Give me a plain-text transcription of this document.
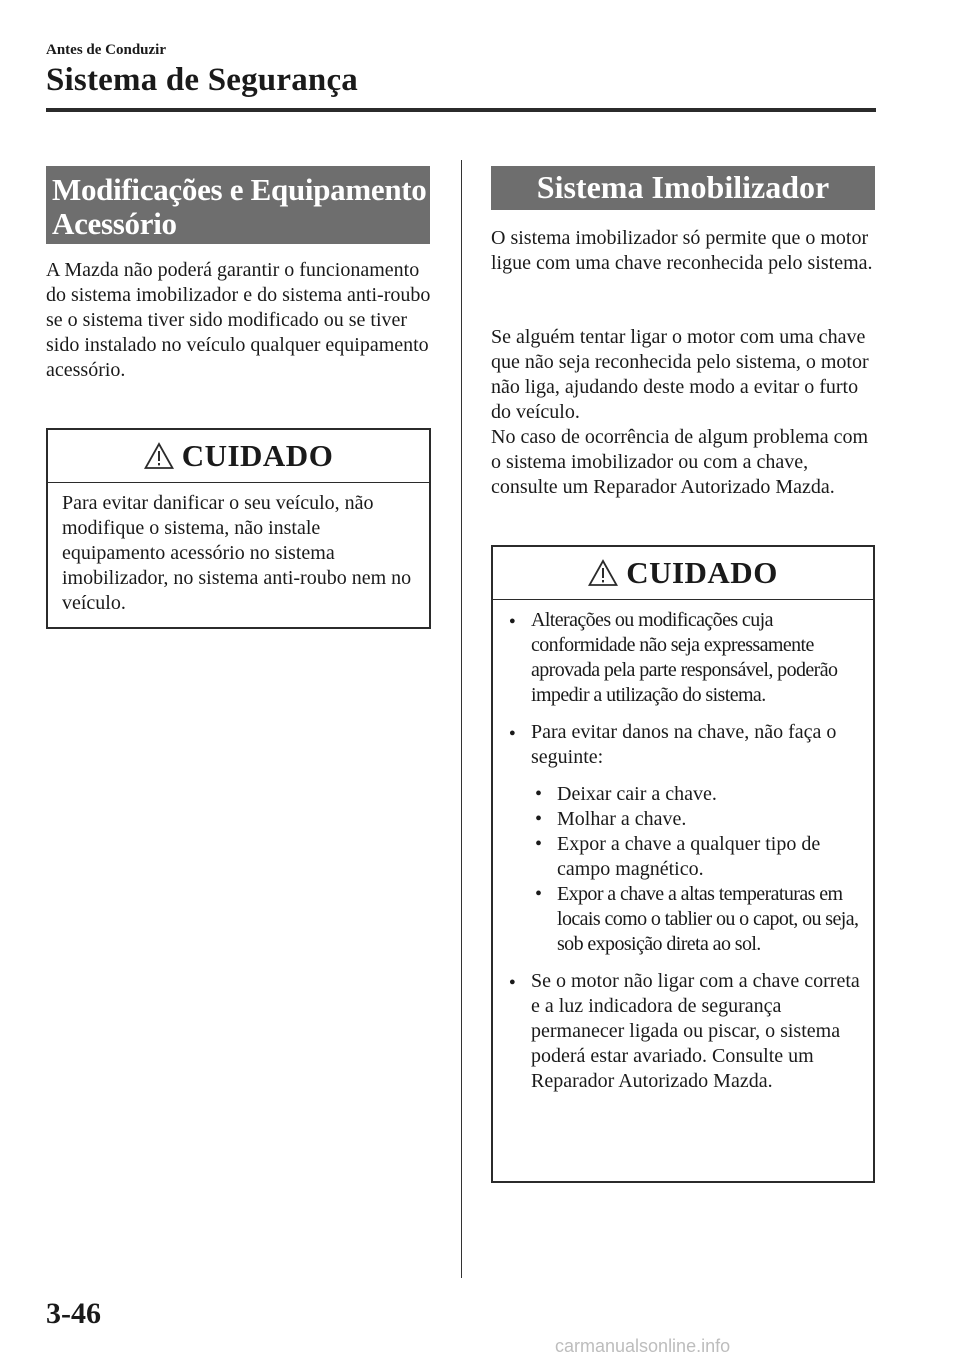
Antes de Conduzir
Sistema de Segurança
Modificações e Equipamento
Acessório

A Mazda não poderá garantir o funcionamento do sistema imobilizador e do sistema anti-roubo se o sistema tiver sido modificado ou se tiver sido instalado no veículo qualquer equipamento acessório.

CUIDADO
Para evitar danificar o seu veículo, não modifique o sistema, não instale equipamento acessório no sistema imobilizador, no sistema anti-roubo nem no veículo.
Sistema Imobilizador

O sistema imobilizador só permite que o motor ligue com uma chave reconhecida pelo sistema.

Se alguém tentar ligar o motor com uma chave que não seja reconhecida pelo sistema, o motor não liga, ajudando deste modo a evitar o furto do veículo.
No caso de ocorrência de algum problema com o sistema imobilizador ou com a chave, consulte um Reparador Autorizado Mazda.
CUIDADO
● Alterações ou modificações cuja conformidade não seja expressamente aprovada pela parte responsável, poderão impedir a utilização do sistema.
● Para evitar danos na chave, não faça o seguinte:
• Deixar cair a chave.
• Molhar a chave.
• Expor a chave a qualquer tipo de campo magnético.
• Expor a chave a altas temperaturas em locais como o tablier ou o capot, ou seja, sob exposição direta ao sol.
● Se o motor não ligar com a chave correta e a luz indicadora de segurança permanecer ligada ou piscar, o sistema poderá estar avariado. Consulte um Reparador Autorizado Mazda.
3-46
carmanualsonline.info
